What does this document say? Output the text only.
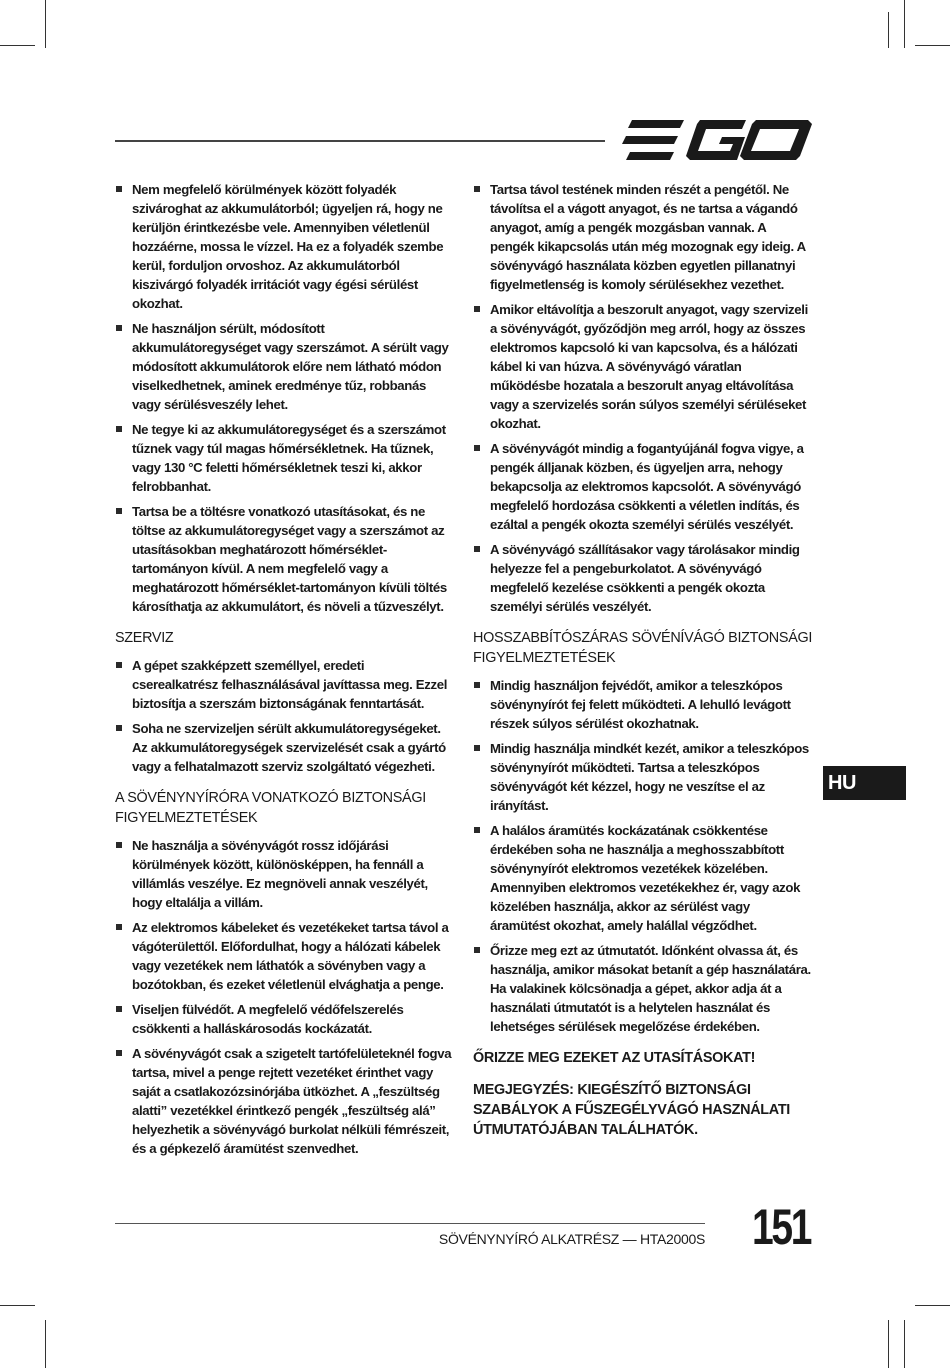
Nem megfelelő körülmények között folyadék szivároghat az akkumulátorból; ügyeljen rá, hogy ne kerüljön érintkezésbe vele. Amennyiben véletlenül hozzáérne, mossa le vízzel. Ha ez a folyadék szembe kerül, forduljon orvoshoz. Az akkumulátorból kiszivárgó folyadék irritációt vagy égési sérülést okozhat.
Ne használjon sérült, módosított akkumulátoregységet vagy szerszámot. A sérült vagy módosított akkumulátorok előre nem látható módon viselkedhetnek, aminek eredménye tűz, robbanás vagy sérülésveszély lehet.
Ne tegye ki az akkumulátoregységet és a szerszámot tűznek vagy túl magas hőmérsékletnek. Ha tűznek, vagy 130 °C feletti hőmérsékletnek teszi ki, akkor felrobbanhat.
Tartsa be a töltésre vonatkozó utasításokat, és ne töltse az akkumulátoregységet vagy a szerszámot az utasításokban meghatározott hőmérséklet-tartományon kívül. A nem megfelelő vagy a meghatározott hőmérséklet-tartományon kívüli töltés károsíthatja az akkumulátort, és növeli a tűzveszélyt.
SZERVIZ
A gépet szakképzett személlyel, eredeti cserealkatrész felhasználásával javíttassa meg. Ezzel biztosítja a szerszám biztonságának fenntartását.
Soha ne szervizeljen sérült akkumulátoregységeket. Az akkumulátoregységek szervizelését csak a gyártó vagy a felhatalmazott szerviz szolgáltató végezheti.
A SÖVÉNYNYÍRÓRA VONATKOZÓ BIZTONSÁGI FIGYELMEZTETÉSEK
Ne használja a sövényvágót rossz időjárási körülmények között, különösképpen, ha fennáll a villámlás veszélye. Ez megnöveli annak veszélyét, hogy eltalálja a villám.
Az elektromos kábeleket és vezetékeket tartsa távol a vágóterülettől. Előfordulhat, hogy a hálózati kábelek vagy vezetékek nem láthatók a sövényben vagy a bozótokban, és ezeket véletlenül elvághatja a penge.
Viseljen fülvédőt. A megfelelő védőfelszerelés csökkenti a halláskárosodás kockázatát.
A sövényvágót csak a szigetelt tartófelületeknél fogva tartsa, mivel a penge rejtett vezetéket érinthet vagy saját a csatlakozózsinórjába ütközhet. A „feszültség alatti” vezetékkel érintkező pengék „feszültség alá” helyezhetik a sövényvágó burkolat nélküli fémrészeit, és a gépkezelő áramütést szenvedhet.
Tartsa távol testének minden részét a pengétől. Ne távolítsa el a vágott anyagot, és ne tartsa a vágandó anyagot, amíg a pengék mozgásban vannak. A pengék kikapcsolás után még mozognak egy ideig. A sövényvágó használata közben egyetlen pillanatnyi figyelmetlenség is komoly sérülésekhez vezethet.
Amikor eltávolítja a beszorult anyagot, vagy szervizeli a sövényvágót, győződjön meg arról, hogy az összes elektromos kapcsoló ki van kapcsolva, és a hálózati kábel ki van húzva. A sövényvágó váratlan működésbe hozatala a beszorult anyag eltávolítása vagy a szervizelés során súlyos személyi sérüléseket okozhat.
A sövényvágót mindig a fogantyújánál fogva vigye, a pengék álljanak közben, és ügyeljen arra, nehogy bekapcsolja az elektromos kapcsolót. A sövényvágó megfelelő hordozása csökkenti a véletlen indítás, és ezáltal a pengék okozta személyi sérülés veszélyét.
A sövényvágó szállításakor vagy tárolásakor mindig helyezze fel a pengeburkolatot. A sövényvágó megfelelő kezelése csökkenti a pengék okozta személyi sérülés veszélyét.
HOSSZABBÍTÓSZÁRAS SÖVÉNÍVÁGÓ BIZTONSÁGI FIGYELMEZTETÉSEK
Mindig használjon fejvédőt, amikor a teleszkópos sövénynyírót fej felett működteti. A lehulló levágott részek súlyos sérülést okozhatnak.
Mindig használja mindkét kezét, amikor a teleszkópos sövénynyírót működteti. Tartsa a teleszkópos sövényvágót két kézzel, hogy ne veszítse el az irányítást.
A halálos áramütés kockázatának csökkentése érdekében soha ne használja a meghosszabbított sövénynyírót elektromos vezetékek közelében. Amennyiben elektromos vezetékekhez ér, vagy azok közelében használja, akkor az sérülést vagy áramütést okozhat, amely halállal végződhet.
Őrizze meg ezt az útmutatót. Időnként olvassa át, és használja, amikor másokat betanít a gép használatára. Ha valakinek kölcsönadja a gépet, akkor adja át a használati útmutatót is a helytelen használat és lehetséges sérülések megelőzése érdekében.
ŐRIZZE MEG EZEKET AZ UTASÍTÁSOKAT!
MEGJEGYZÉS: KIEGÉSZÍTŐ BIZTONSÁGI SZABÁLYOK A FŰSZEGÉLYVÁGÓ HASZNÁLATI ÚTMUTATÓJÁBAN TALÁLHATÓK.
HU
SÖVÉNYNYÍRÓ ALKATRÉSZ — HTA2000S 151
